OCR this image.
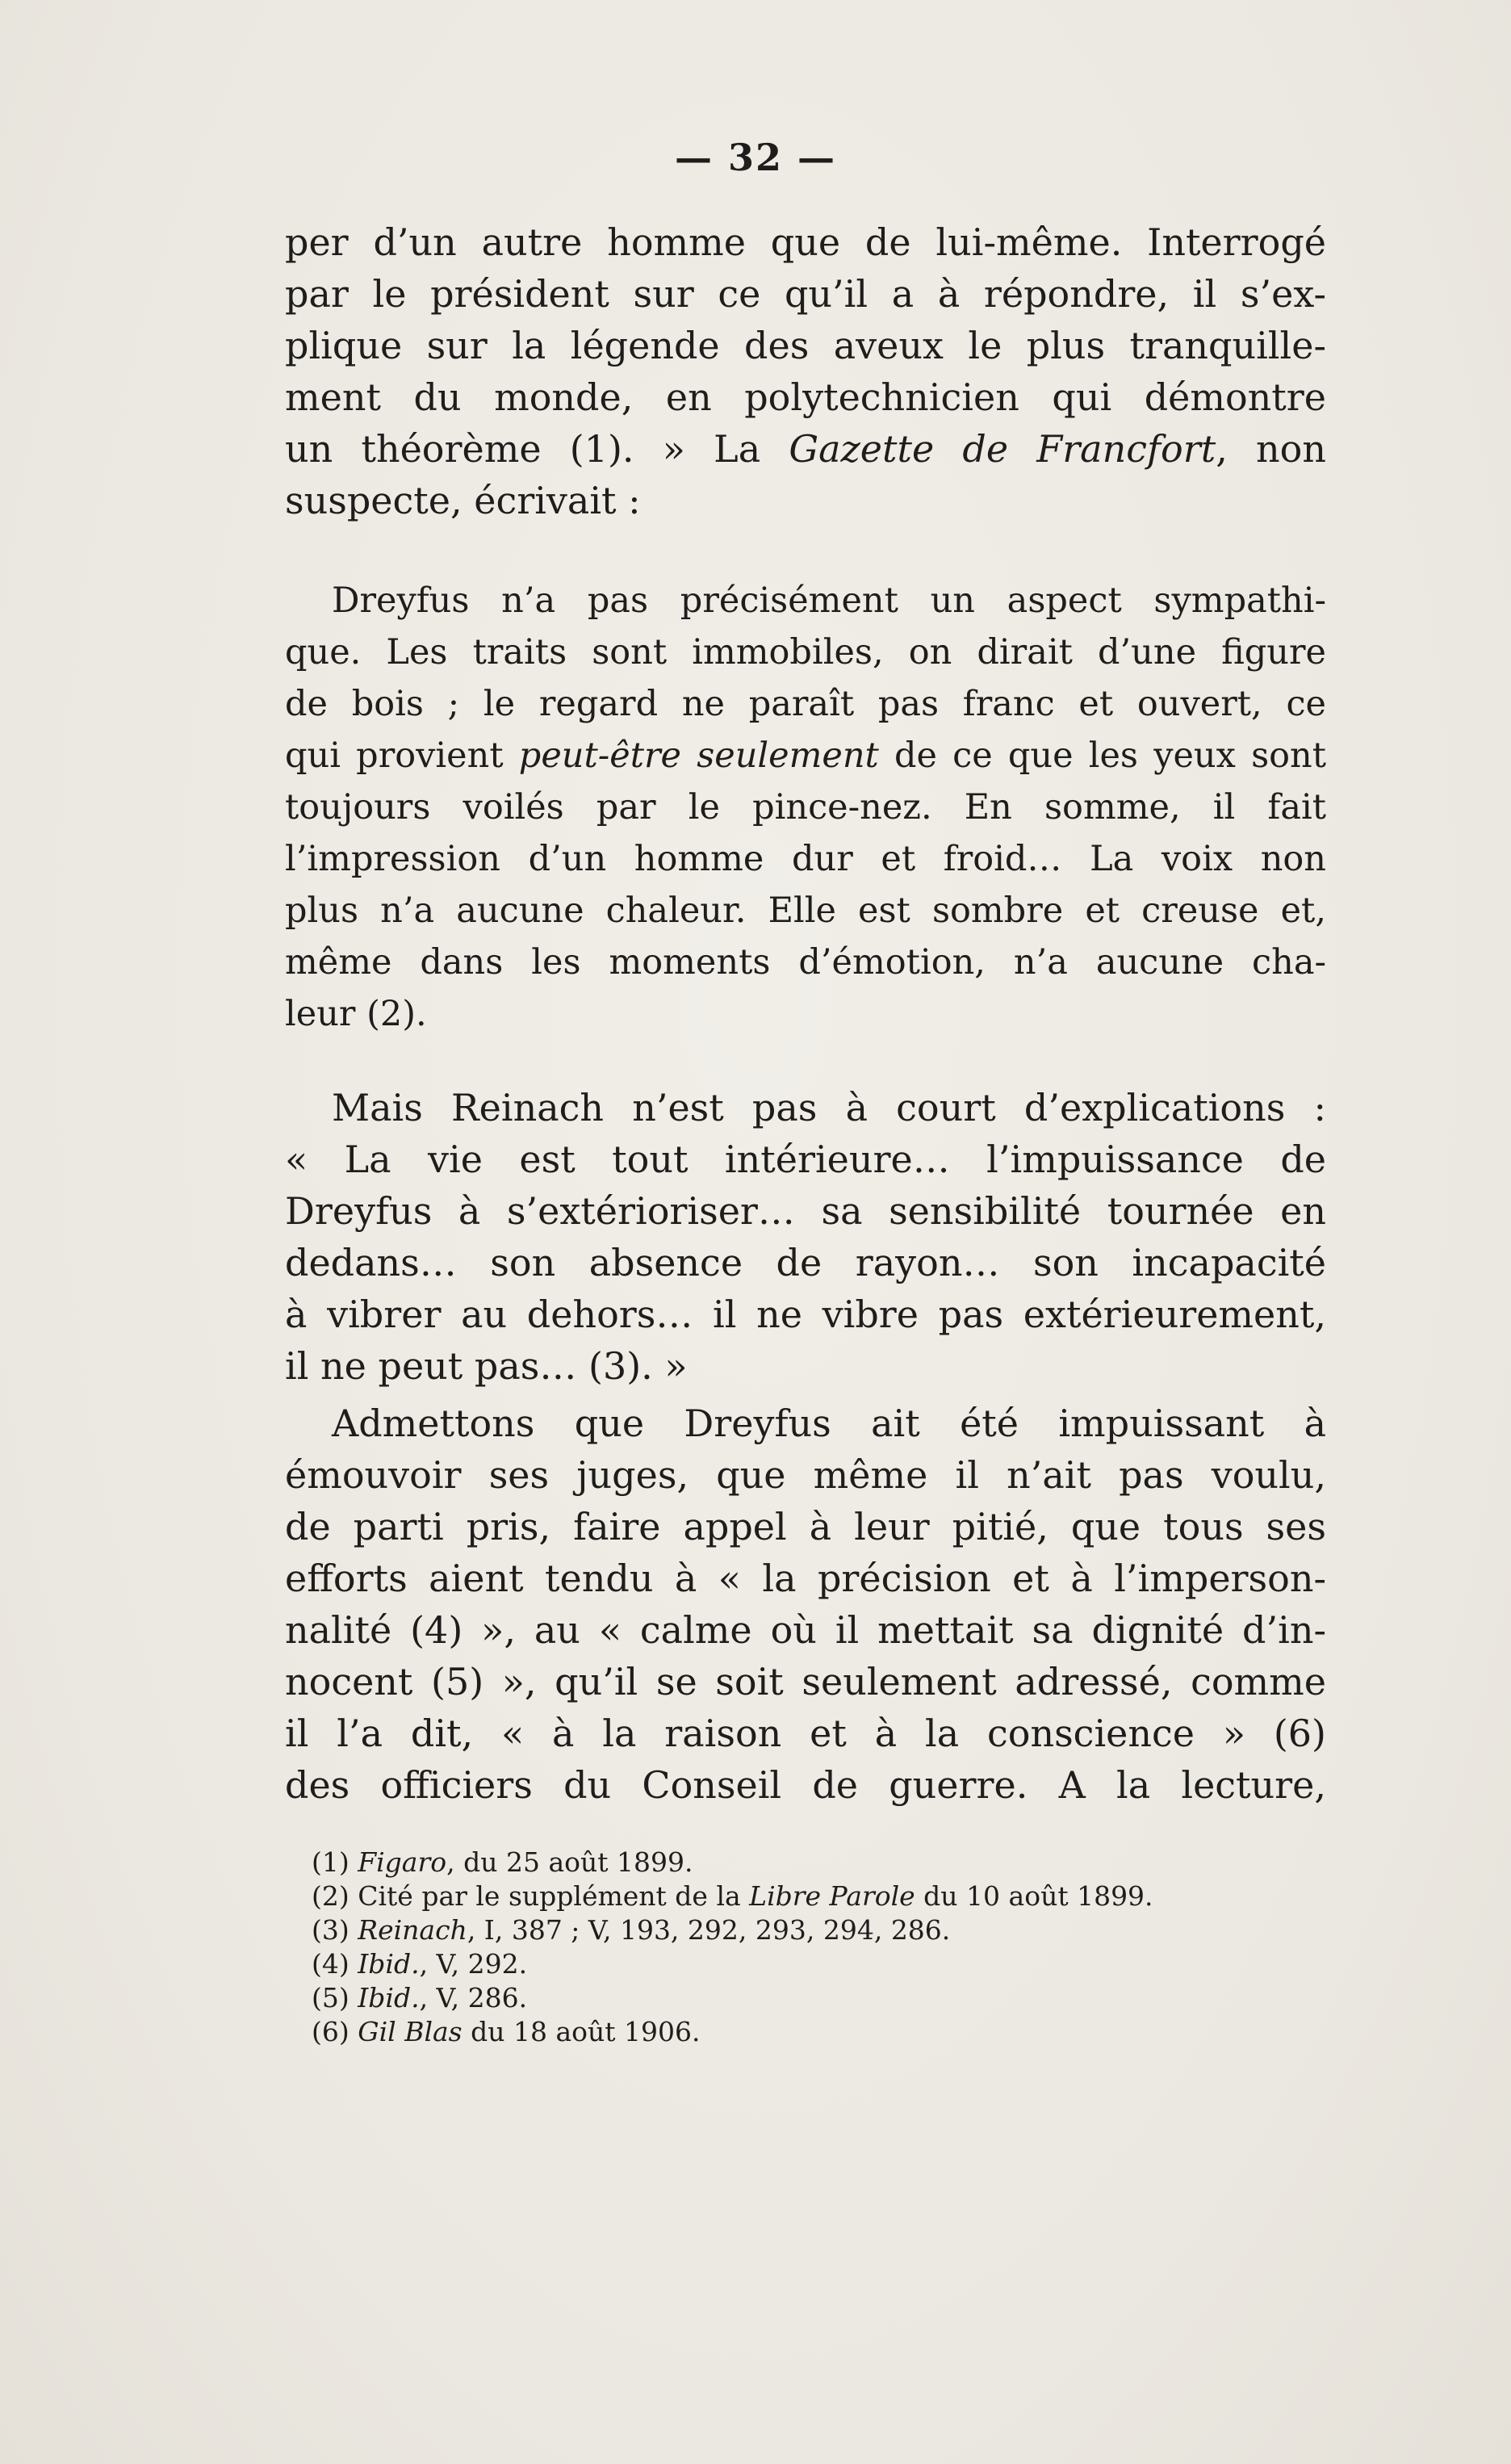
— 32 —
per d’un autre homme que de lui-même. Interrogé
par le président sur ce qu’il a à répondre, il s’ex-
plique sur la légende des aveux le plus tranquille-
ment du monde, en polytechnicien qui démontre
un théorème (1). » La Gazette de Francfort, non
suspecte, écrivait :
Dreyfus n’a pas précisément un aspect sympathi-
que. Les traits sont immobiles, on dirait d’une figure
de bois ; le regard ne paraît pas franc et ouvert, ce
qui provient peut-être seulement de ce que les yeux sont
toujours voilés par le pince-nez. En somme, il fait
l’impression d’un homme dur et froid… La voix non
plus n’a aucune chaleur. Elle est sombre et creuse et,
même dans les moments d’émotion, n’a aucune cha-
leur (2).
Mais Reinach n’est pas à court d’explications :
« La vie est tout intérieure… l’impuissance de
Dreyfus à s’extérioriser… sa sensibilité tournée en
dedans… son absence de rayon… son incapacité
à vibrer au dehors… il ne vibre pas extérieurement,
il ne peut pas… (3). »
Admettons que Dreyfus ait été impuissant à
émouvoir ses juges, que même il n’ait pas voulu,
de parti pris, faire appel à leur pitié, que tous ses
efforts aient tendu à « la précision et à l’imperson-
nalité (4) », au « calme où il mettait sa dignité d’in-
nocent (5) », qu’il se soit seulement adressé, comme
il l’a dit, « à la raison et à la conscience » (6)
des officiers du Conseil de guerre. A la lecture,
(1) Figaro, du 25 août 1899.
(2) Cité par le supplément de la Libre Parole du 10 août 1899.
(3) Reinach, I, 387 ; V, 193, 292, 293, 294, 286.
(4) Ibid., V, 292.
(5) Ibid., V, 286.
(6) Gil Blas du 18 août 1906.
